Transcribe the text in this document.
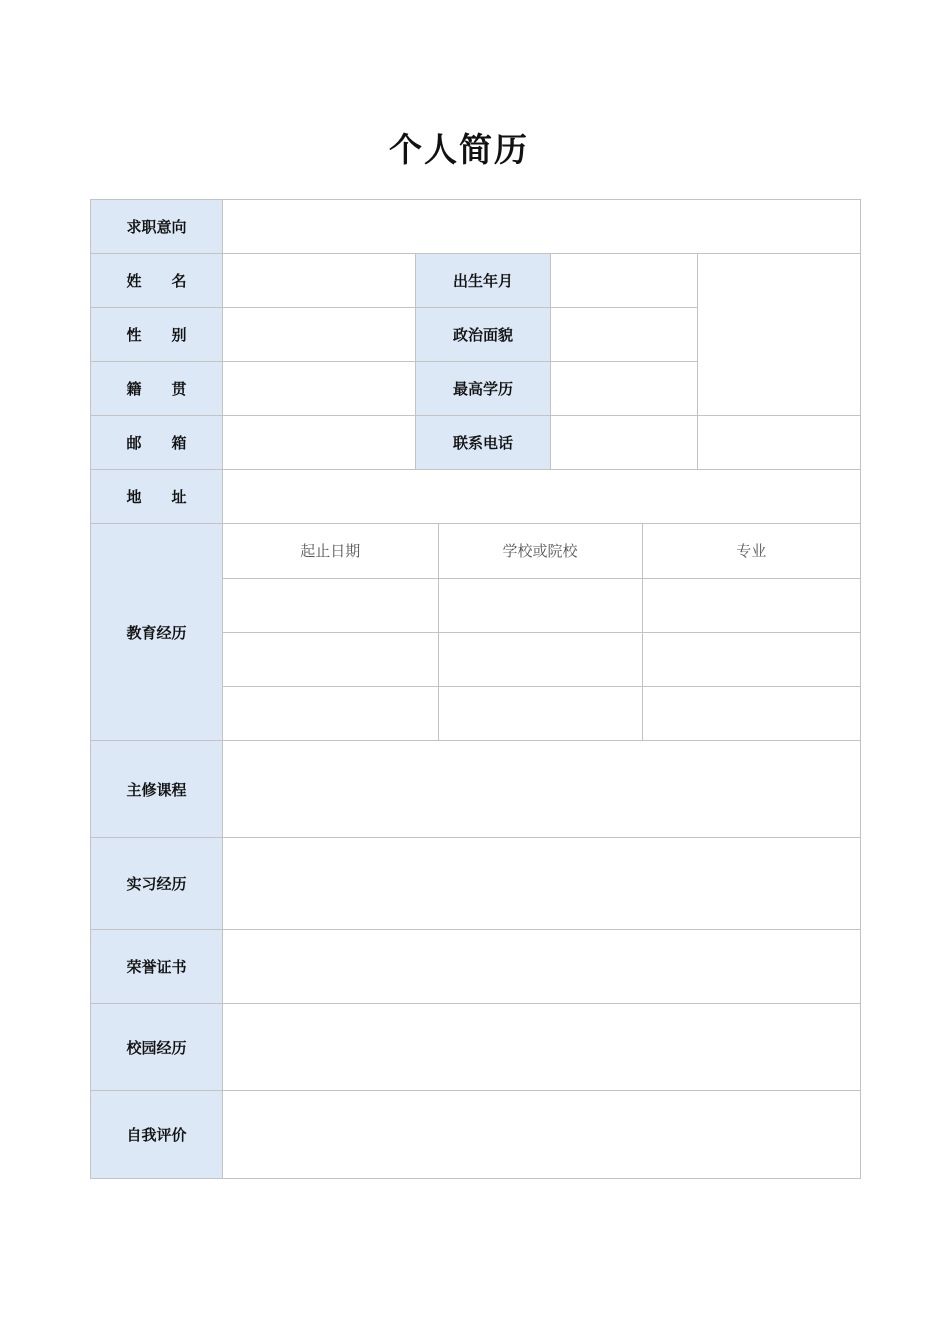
个人简历
求职意向	
姓　　名		出生年月		
性　　别		政治面貌	
籍　　贯		最高学历	
邮　　箱		联系电话		
地　　址	
教育经历	
起止日期	学校或院校	专业

主修课程	
实习经历	
荣誉证书	
校园经历	
自我评价	
